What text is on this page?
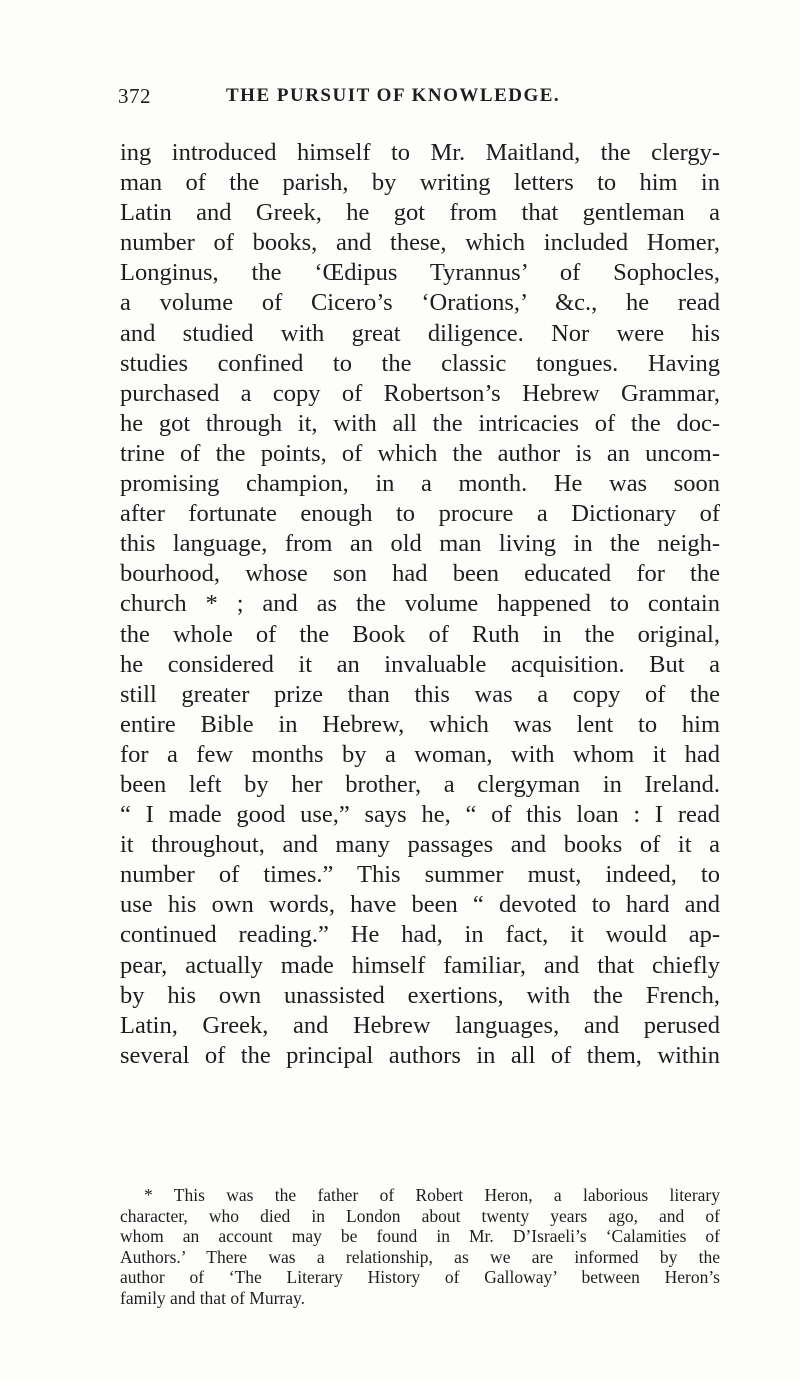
372	THE PURSUIT OF KNOWLEDGE.
ing introduced himself to Mr. Maitland, the clergy-
man of the parish, by writing letters to him in
Latin and Greek, he got from that gentleman a
number of books, and these, which included Homer,
Longinus, the ‘Œdipus Tyrannus’ of Sophocles,
a volume of Cicero’s ‘Orations,’ &c., he read
and studied with great diligence. Nor were his
studies confined to the classic tongues. Having
purchased a copy of Robertson’s Hebrew Grammar,
he got through it, with all the intricacies of the doc-
trine of the points, of which the author is an uncom-
promising champion, in a month. He was soon
after fortunate enough to procure a Dictionary of
this language, from an old man living in the neigh-
bourhood, whose son had been educated for the
church * ; and as the volume happened to contain
the whole of the Book of Ruth in the original,
he considered it an invaluable acquisition. But a
still greater prize than this was a copy of the
entire Bible in Hebrew, which was lent to him
for a few months by a woman, with whom it had
been left by her brother, a clergyman in Ireland.
“ I made good use,” says he, “ of this loan : I read
it throughout, and many passages and books of it a
number of times.” This summer must, indeed, to
use his own words, have been “ devoted to hard and
continued reading.” He had, in fact, it would ap-
pear, actually made himself familiar, and that chiefly
by his own unassisted exertions, with the French,
Latin, Greek, and Hebrew languages, and perused
several of the principal authors in all of them, within
* This was the father of Robert Heron, a laborious literary
character, who died in London about twenty years ago, and of
whom an account may be found in Mr. D’Israeli’s ‘Calamities of
Authors.’ There was a relationship, as we are informed by the
author of ‘The Literary History of Galloway’ between Heron’s
family and that of Murray.
